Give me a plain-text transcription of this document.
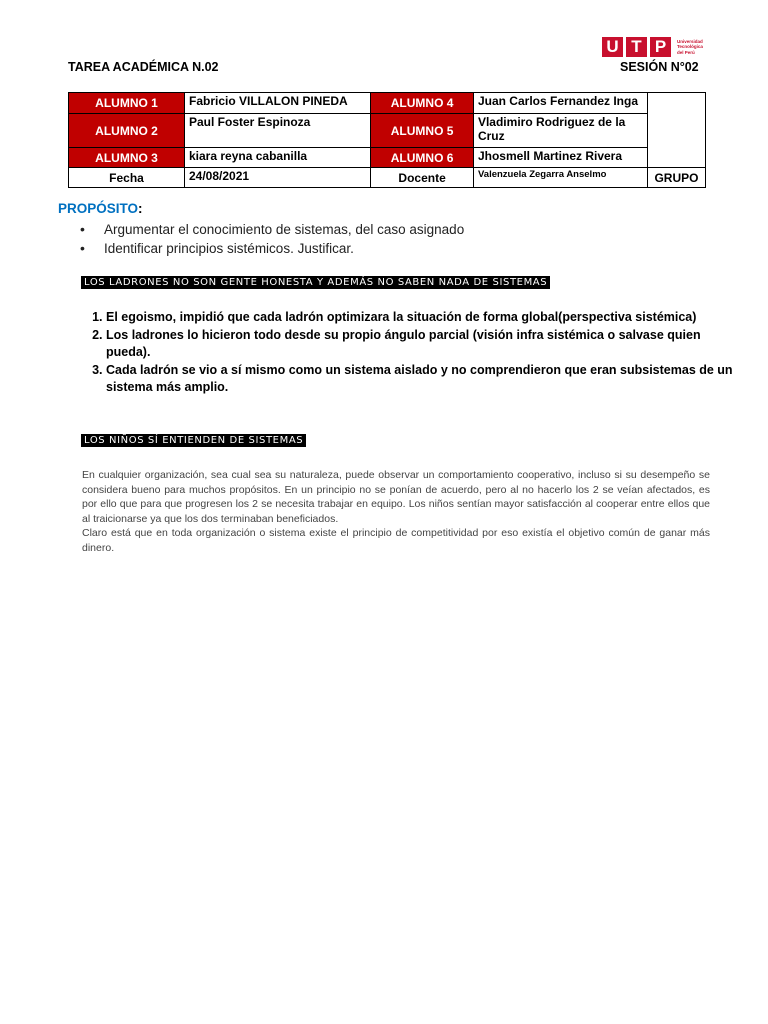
U T P	Universidad
Tecnológica
del Perú
TAREA ACADÉMICA N.02	SESIÓN N°02
ALUMNO 1	Fabricio VILLALON PINEDA	ALUMNO 4	Juan Carlos Fernandez Inga	
ALUMNO 2	Paul Foster Espinoza	ALUMNO 5	Vladimiro Rodriguez de la Cruz	
ALUMNO 3	kiara reyna cabanilla	ALUMNO 6	Jhosmell Martinez Rivera	
Fecha	24/08/2021	Docente	Valenzuela Zegarra Anselmo	GRUPO
PROPÓSITO:
• Argumentar el conocimiento de sistemas, del caso asignado
• Identificar principios sistémicos. Justificar.
LOS LADRONES NO SON GENTE HONESTA Y ADEMÁS NO SABEN NADA DE SISTEMAS
1. El egoismo, impidió que cada ladrón optimizara la situación de forma global(perspectiva sistémica)
2. Los ladrones lo hicieron todo desde su propio ángulo parcial (visión infra sistémica o salvase quien pueda).
3. Cada ladrón se vio a sí mismo como un sistema aislado y no comprendieron que eran subsistemas de un sistema más amplio.
LOS NIÑOS SÍ ENTIENDEN DE SISTEMAS

En cualquier organización, sea cual sea su naturaleza, puede observar un comportamiento cooperativo, incluso si su desempeño se considera bueno para muchos propósitos. En un principio no se ponían de acuerdo, pero al no hacerlo los 2 se veían afectados, es por ello que para que progresen los 2 se necesita trabajar en equipo. Los niños sentían mayor satisfacción al cooperar entre ellos que al traicionarse ya que los dos terminaban beneficiados.

Claro está que en toda organización o sistema existe el principio de competitividad por eso existía el objetivo común de ganar más dinero.
